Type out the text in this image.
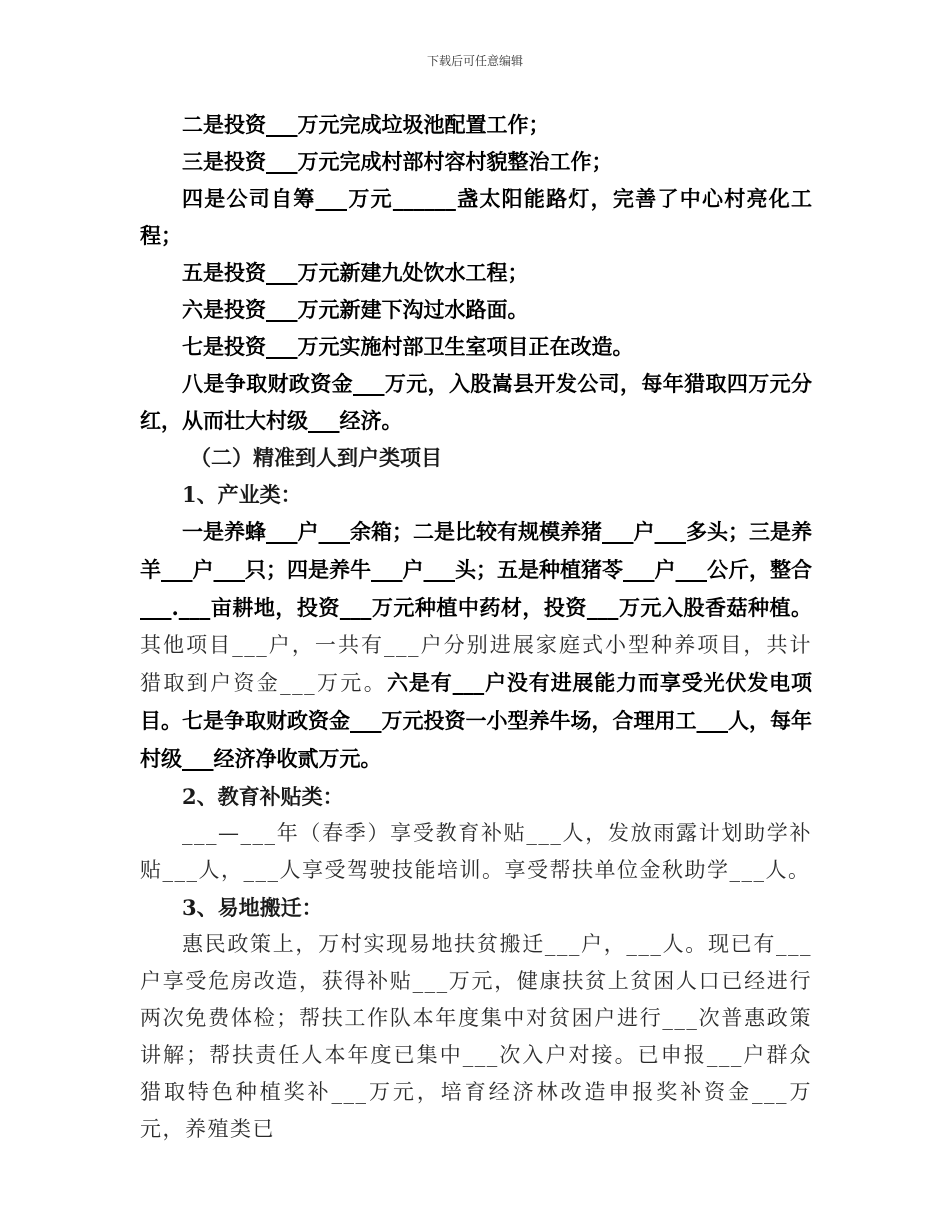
下载后可任意编辑

二是投资___万元完成垃圾池配置工作；

三是投资___万元完成村部村容村貌整治工作；

四是公司自筹___万元______盏太阳能路灯，完善了中心村亮化工程；

五是投资___万元新建九处饮水工程；

六是投资___万元新建下沟过水路面。

七是投资___万元实施村部卫生室项目正在改造。

八是争取财政资金___万元，入股嵩县开发公司，每年猎取四万元分红，从而壮大村级___经济。

（二）精准到人到户类项目

1、产业类：

一是养蜂___户___余箱；二是比较有规模养猪___户___多头；三是养羊___户___只；四是养牛___户___头；五是种植猪苓___户___公斤，整合___.___亩耕地，投资___万元种植中药材，投资___万元入股香菇种植。其他项目___户，一共有___户分别进展家庭式小型种养项目，共计猎取到户资金___万元。六是有___户没有进展能力而享受光伏发电项目。七是争取财政资金___万元投资一小型养牛场，合理用工___人，每年村级___经济净收贰万元。

2、教育补贴类：

___—___年（春季）享受教育补贴___人，发放雨露计划助学补贴___人，___人享受驾驶技能培训。享受帮扶单位金秋助学___人。

3、易地搬迁：

惠民政策上，万村实现易地扶贫搬迁___户，___人。现已有___户享受危房改造，获得补贴___万元，健康扶贫上贫困人口已经进行两次免费体检；帮扶工作队本年度集中对贫困户进行___次普惠政策讲解；帮扶责任人本年度已集中___次入户对接。已申报___户群众猎取特色种植奖补___万元，培育经济林改造申报奖补资金___万元，养殖类已
